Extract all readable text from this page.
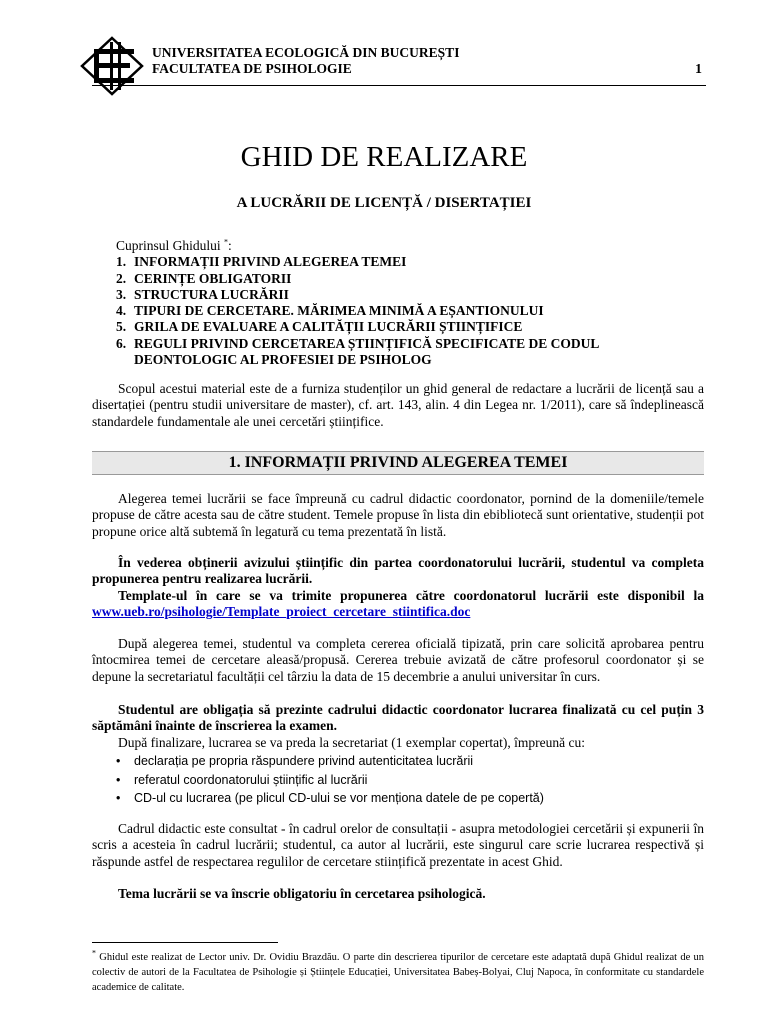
UNIVERSITATEA ECOLOGICĂ DIN BUCUREȘTI
FACULTATEA DE PSIHOLOGIE	1
GHID DE REALIZARE
A LUCRĂRII DE LICENȚĂ / DISERTAȚIEI
Cuprinsul Ghidului *:
1. INFORMAȚII PRIVIND ALEGEREA TEMEI
2. CERINȚE OBLIGATORII
3. STRUCTURA LUCRĂRII
4. TIPURI DE CERCETARE. MĂRIMEA MINIMĂ A EȘANTIONULUI
5. GRILA DE EVALUARE A CALITĂȚII LUCRĂRII ȘTIINȚIFICE
6. REGULI PRIVIND CERCETAREA ȘTIINȚIFICĂ SPECIFICATE DE CODUL DEONTOLOGIC AL PROFESIEI DE PSIHOLOG
Scopul acestui material este de a furniza studenților un ghid general de redactare a lucrării de licență sau a disertației (pentru studii universitare de master), cf. art. 143, alin. 4 din Legea nr. 1/2011), care să îndeplinească standardele fundamentale ale unei cercetări științifice.
1. INFORMAȚII PRIVIND ALEGEREA TEMEI
Alegerea temei lucrării se face împreună cu cadrul didactic coordonator, pornind de la domeniile/temele propuse de către acesta sau de către student. Temele propuse în lista din ebibliotecă sunt orientative, studenții pot propune orice altă subtemă în legatură cu tema prezentată în listă.
În vederea obținerii avizului științific din partea coordonatorului lucrării, studentul va completa propunerea pentru realizarea lucrării.
Template-ul în care se va trimite propunerea către coordonatorul lucrării este disponibil la www.ueb.ro/psihologie/Template_proiect_cercetare_stiintifica.doc
După alegerea temei, studentul va completa cererea oficială tipizată, prin care solicită aprobarea pentru întocmirea temei de cercetare aleasă/propusă. Cererea trebuie avizată de către profesorul coordonator și se depune la secretariatul facultății cel târziu la data de 15 decembrie a anului universitar în curs.
Studentul are obligația să prezinte cadrului didactic coordonator lucrarea finalizată cu cel puțin 3 săptămâni înainte de înscrierea la examen.
După finalizare, lucrarea se va preda la secretariat (1 exemplar copertat), împreună cu:
•	declarația pe propria răspundere privind autenticitatea lucrării
•	referatul coordonatorului științific al lucrării
•	CD-ul cu lucrarea (pe plicul CD-ului se vor menționa datele de pe copertă)
Cadrul didactic este consultat - în cadrul orelor de consultații - asupra metodologiei cercetării și expunerii în scris a acesteia în cadrul lucrării; studentul, ca autor al lucrării, este singurul care scrie lucrarea respectivă și răspunde astfel de respectarea regulilor de cercetare stiințifică prezentate in acest Ghid.
Tema lucrării se va înscrie obligatoriu în cercetarea psihologică.
* Ghidul este realizat de Lector univ. Dr. Ovidiu Brazdău. O parte din descrierea tipurilor de cercetare este adaptată după Ghidul realizat de un colectiv de autori de la Facultatea de Psihologie și Științele Educației, Universitatea Babeș-Bolyai, Cluj Napoca, în conformitate cu standardele academice de calitate.
